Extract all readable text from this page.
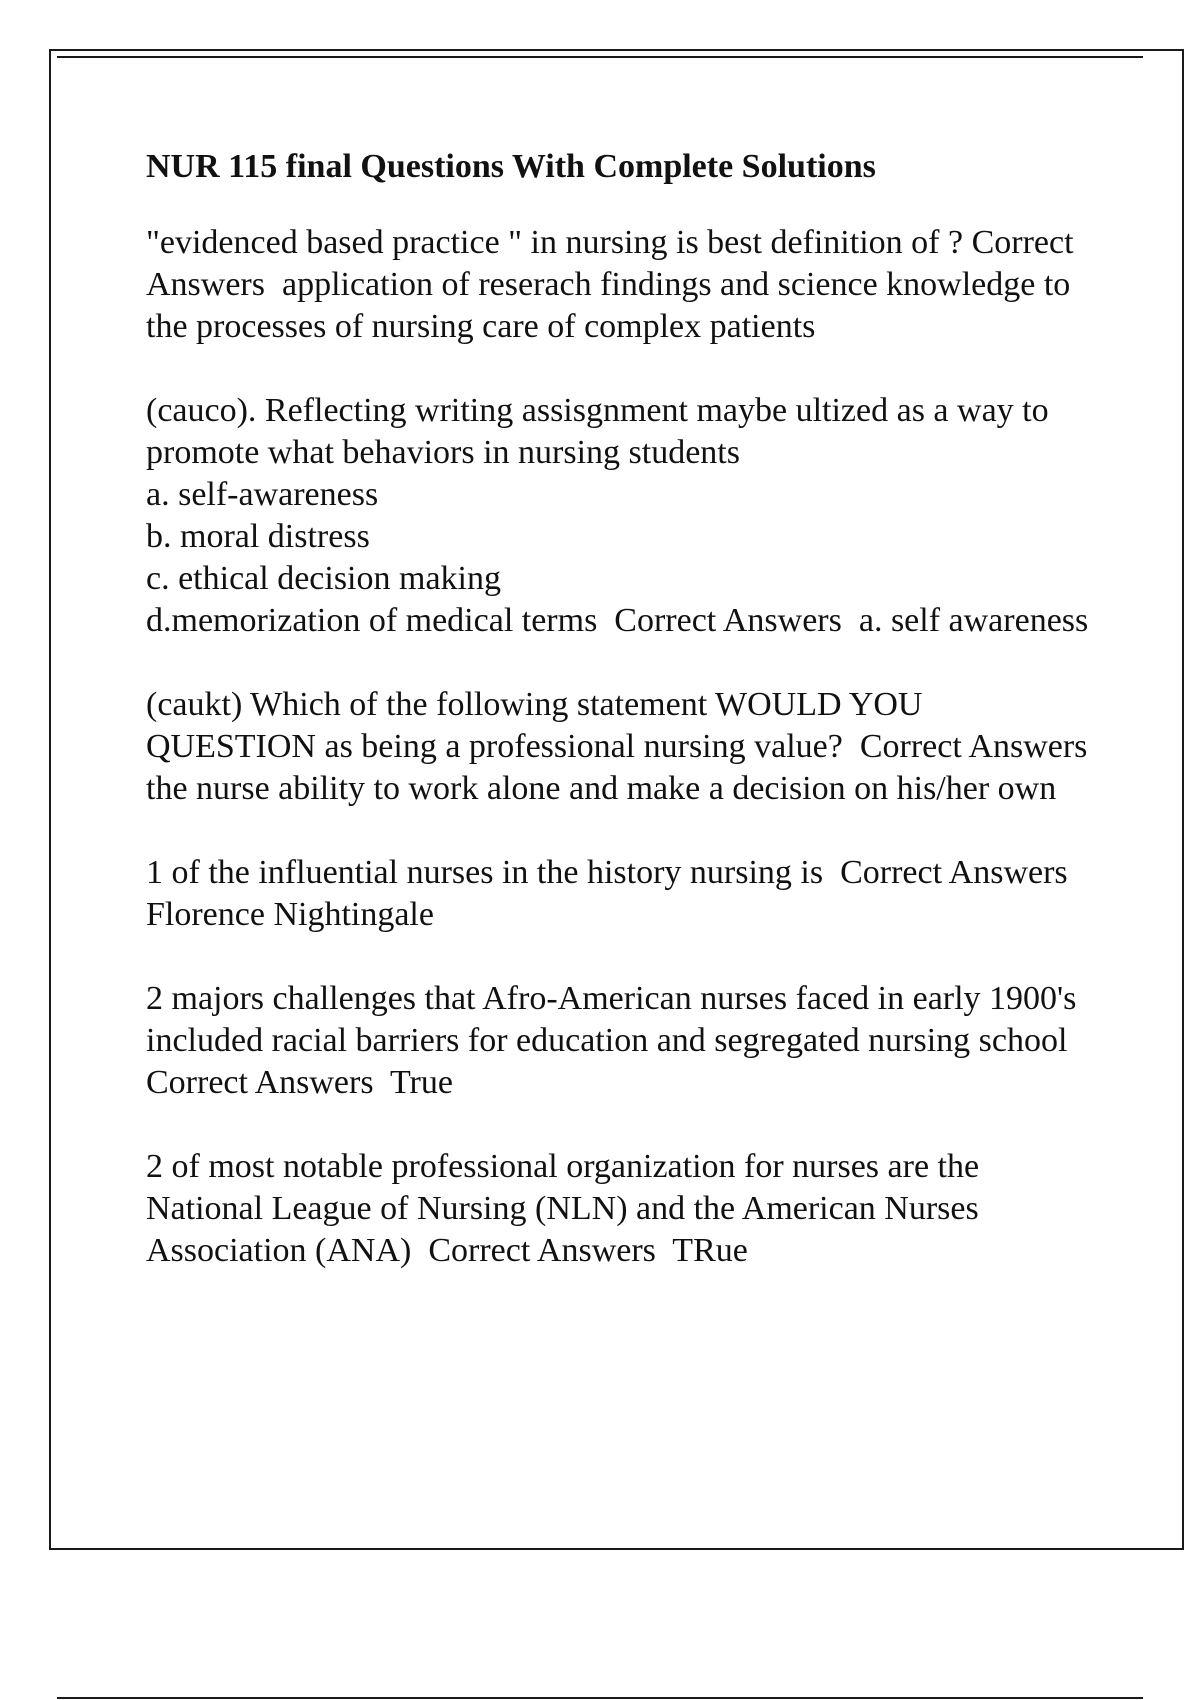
NUR 115 final Questions With Complete Solutions
"evidenced based practice " in nursing is best definition of ? Correct Answers application of reserach findings and science knowledge to the processes of nursing care of complex patients
(cauco). Reflecting writing assisgnment maybe ultized as a way to promote what behaviors in nursing students
a. self-awareness
b. moral distress
c. ethical decision making
d.memorization of medical terms Correct Answers a. self awareness
(caukt) Which of the following statement WOULD YOU QUESTION as being a professional nursing value? Correct Answers  the nurse ability to work alone and make a decision on his/her own
1 of the influential nurses in the history nursing is Correct Answers  Florence Nightingale
2 majors challenges that Afro-American nurses faced in early 1900's included racial barriers for education and segregated nursing school  Correct Answers True
2 of most notable professional organization for nurses are the National League of Nursing (NLN) and the American Nurses Association (ANA) Correct Answers TRue
